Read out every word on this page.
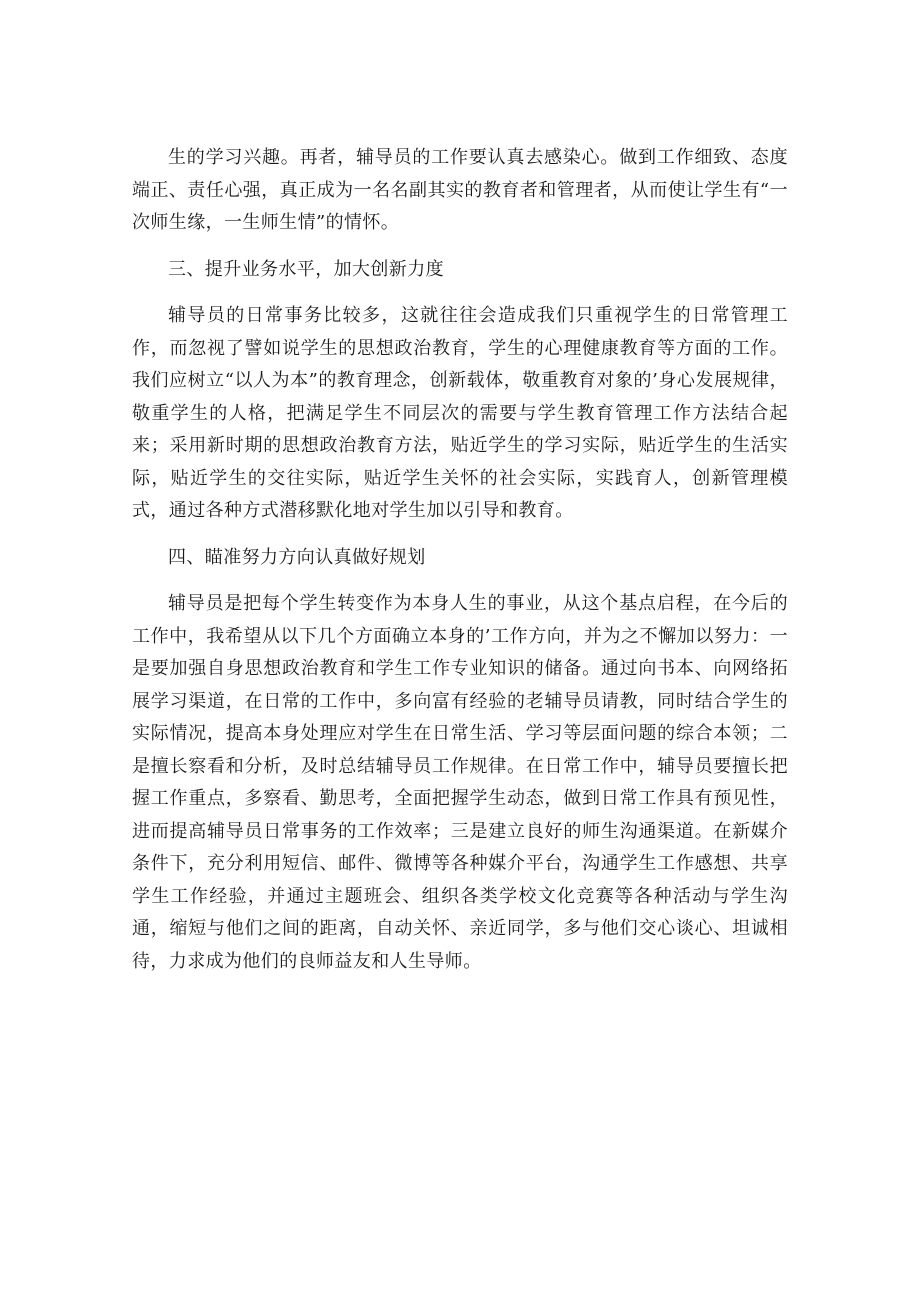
生的学习兴趣。再者，辅导员的工作要认真去感染心。做到工作细致、态度端正、责任心强，真正成为一名名副其实的教育者和管理者，从而使让学生有“一次师生缘，一生师生情”的情怀。

三、提升业务水平，加大创新力度

辅导员的日常事务比较多，这就往往会造成我们只重视学生的日常管理工作，而忽视了譬如说学生的思想政治教育，学生的心理健康教育等方面的工作。我们应树立“以人为本”的教育理念，创新载体，敬重教育对象的’身心发展规律，敬重学生的人格，把满足学生不同层次的需要与学生教育管理工作方法结合起来；采用新时期的思想政治教育方法，贴近学生的学习实际，贴近学生的生活实际，贴近学生的交往实际，贴近学生关怀的社会实际，实践育人，创新管理模式，通过各种方式潜移默化地对学生加以引导和教育。

四、瞄准努力方向认真做好规划

辅导员是把每个学生转变作为本身人生的事业，从这个基点启程，在今后的工作中，我希望从以下几个方面确立本身的’工作方向，并为之不懈加以努力：一是要加强自身思想政治教育和学生工作专业知识的储备。通过向书本、向网络拓展学习渠道，在日常的工作中，多向富有经验的老辅导员请教，同时结合学生的实际情况，提高本身处理应对学生在日常生活、学习等层面问题的综合本领；二是擅长察看和分析，及时总结辅导员工作规律。在日常工作中，辅导员要擅长把握工作重点，多察看、勤思考，全面把握学生动态，做到日常工作具有预见性，进而提高辅导员日常事务的工作效率；三是建立良好的师生沟通渠道。在新媒介条件下，充分利用短信、邮件、微博等各种媒介平台，沟通学生工作感想、共享学生工作经验，并通过主题班会、组织各类学校文化竞赛等各种活动与学生沟通，缩短与他们之间的距离，自动关怀、亲近同学，多与他们交心谈心、坦诚相待，力求成为他们的良师益友和人生导师。
